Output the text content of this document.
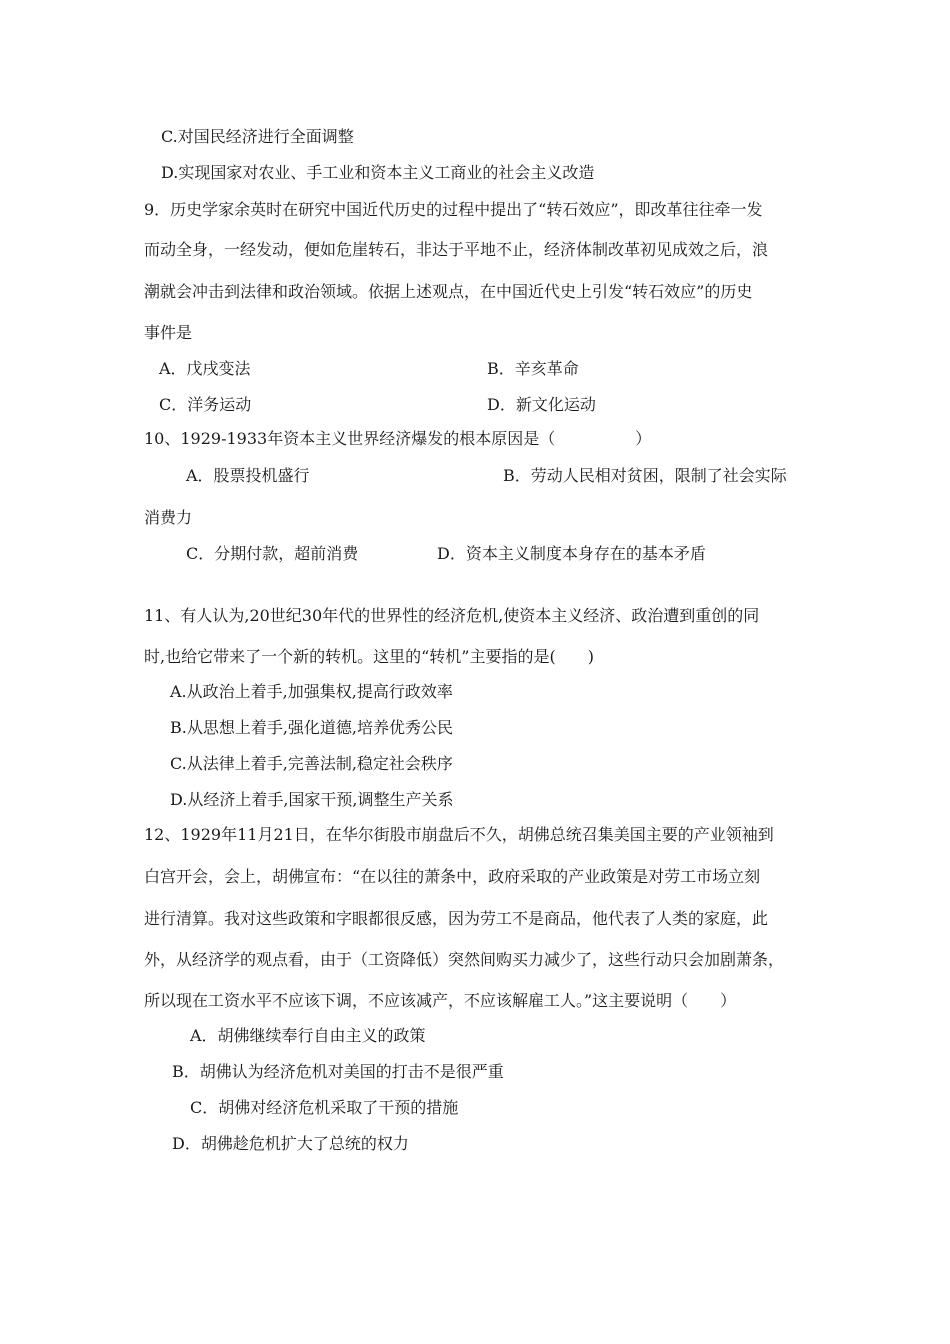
C.对国民经济进行全面调整
D.实现国家对农业、手工业和资本主义工商业的社会主义改造
9．历史学家余英时在研究中国近代历史的过程中提出了“转石效应”，即改革往往牵一发
而动全身，一经发动，便如危崖转石，非达于平地不止，经济体制改革初见成效之后，浪
潮就会冲击到法律和政治领域。依据上述观点，在中国近代史上引发“转石效应”的历史
事件是
A．戊戌变法	B．辛亥革命
C．洋务运动	D．新文化运动
10、1929-1933年资本主义世界经济爆发的根本原因是（　　　　　）
A．股票投机盛行	B．劳动人民相对贫困，限制了社会实际
消费力
C．分期付款，超前消费	D．资本主义制度本身存在的基本矛盾
11、有人认为,20世纪30年代的世界性的经济危机,使资本主义经济、政治遭到重创的同
时,也给它带来了一个新的转机。这里的“转机”主要指的是(　　)
A.从政治上着手,加强集权,提高行政效率
B.从思想上着手,强化道德,培养优秀公民
C.从法律上着手,完善法制,稳定社会秩序
D.从经济上着手,国家干预,调整生产关系
12、1929年11月21日，在华尔街股市崩盘后不久，胡佛总统召集美国主要的产业领袖到
白宫开会，会上，胡佛宣布：“在以往的萧条中，政府采取的产业政策是对劳工市场立刻
进行清算。我对这些政策和字眼都很反感，因为劳工不是商品，他代表了人类的家庭，此
外，从经济学的观点看，由于（工资降低）突然间购买力减少了，这些行动只会加剧萧条，
所以现在工资水平不应该下调，不应该减产，不应该解雇工人。”这主要说明（　　）
A．胡佛继续奉行自由主义的政策
B．胡佛认为经济危机对美国的打击不是很严重
C．胡佛对经济危机采取了干预的措施
D．胡佛趁危机扩大了总统的权力
